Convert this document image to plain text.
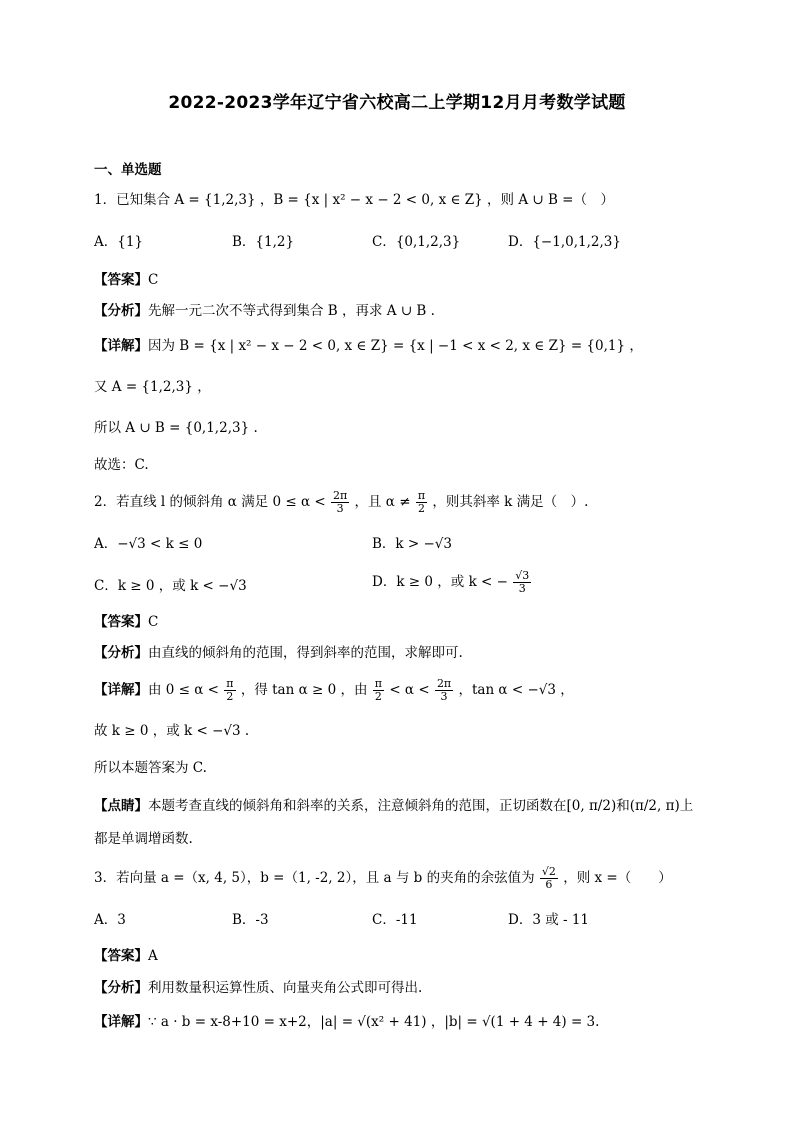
2022-2023学年辽宁省六校高二上学期12月月考数学试题
一、单选题
1．已知集合 A = {1,2,3} ，B = {x | x² − x − 2 < 0, x ∈ Z} ，则 A ∪ B =（　）
A．{1}	B．{1,2}	C．{0,1,2,3}	D．{−1,0,1,2,3}
【答案】C
【分析】先解一元二次不等式得到集合 B ，再求 A ∪ B .
【详解】因为 B = {x | x² − x − 2 < 0, x ∈ Z} = {x | −1 < x < 2, x ∈ Z} = {0,1} ，
又 A = {1,2,3} ，
所以 A ∪ B = {0,1,2,3} .
故选：C.
2．若直线 l 的倾斜角 α 满足 $0 \le \alpha < \frac{2\pi}{3}$ ，且 $\alpha \ne \frac{\pi}{2}$ ，则其斜率 k 满足（　）.
A．−√3 < k ≤ 0	B．k > −√3
C．k ≥ 0 ，或 k < −√3	D．k ≥ 0 ，或 k < − $\frac{√3}{3}$
【答案】C
【分析】由直线的倾斜角的范围，得到斜率的范围，求解即可.
【详解】由 $0 \le \alpha < \frac{\pi}{2}$ ，得 tan α ≥ 0 ，由 $\frac{\pi}{2} < \alpha < \frac{2\pi}{3}$ ，tan α < −√3 ，
故 k ≥ 0 ，或 k < −√3 .
所以本题答案为 C.
【点睛】本题考查直线的倾斜角和斜率的关系，注意倾斜角的范围，正切函数在[0, π/2)和(π/2, π)上
都是单调增函数.
3．若向量 a =（x, 4, 5），b =（1, -2, 2），且 a 与 b 的夹角的余弦值为 $\frac{√2}{6}$ ，则 x =（　　）
A．3	B．-3	C．-11	D．3 或 - 11
【答案】A
【分析】利用数量积运算性质、向量夹角公式即可得出.
【详解】∵ a · b = x-8+10 = x+2，|a| = √(x² + 41) ，|b| = √(1 + 4 + 4) = 3.
